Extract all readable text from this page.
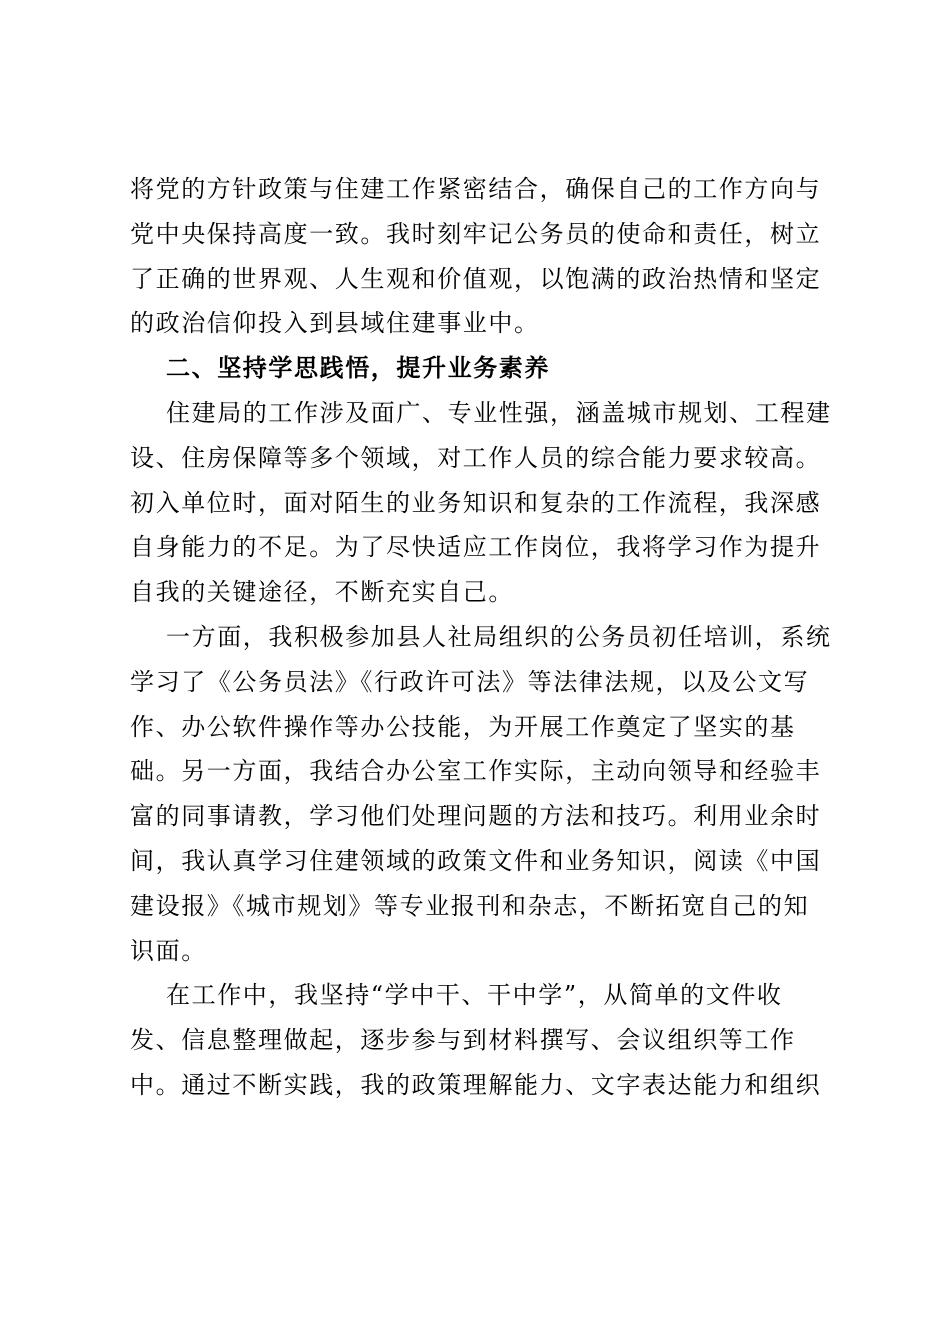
将党的方针政策与住建工作紧密结合，确保自己的工作方向与
党中央保持高度一致。我时刻牢记公务员的使命和责任，树立
了正确的世界观、人生观和价值观，以饱满的政治热情和坚定
的政治信仰投入到县域住建事业中。
二、坚持学思践悟，提升业务素养
住建局的工作涉及面广、专业性强，涵盖城市规划、工程建
设、住房保障等多个领域，对工作人员的综合能力要求较高。
初入单位时，面对陌生的业务知识和复杂的工作流程，我深感
自身能力的不足。为了尽快适应工作岗位，我将学习作为提升
自我的关键途径，不断充实自己。
一方面，我积极参加县人社局组织的公务员初任培训，系统
学习了《公务员法》《行政许可法》等法律法规，以及公文写
作、办公软件操作等办公技能，为开展工作奠定了坚实的基
础。另一方面，我结合办公室工作实际，主动向领导和经验丰
富的同事请教，学习他们处理问题的方法和技巧。利用业余时
间，我认真学习住建领域的政策文件和业务知识，阅读《中国
建设报》《城市规划》等专业报刊和杂志，不断拓宽自己的知
识面。
在工作中，我坚持“学中干、干中学”，从简单的文件收
发、信息整理做起，逐步参与到材料撰写、会议组织等工作
中。通过不断实践，我的政策理解能力、文字表达能力和组织
